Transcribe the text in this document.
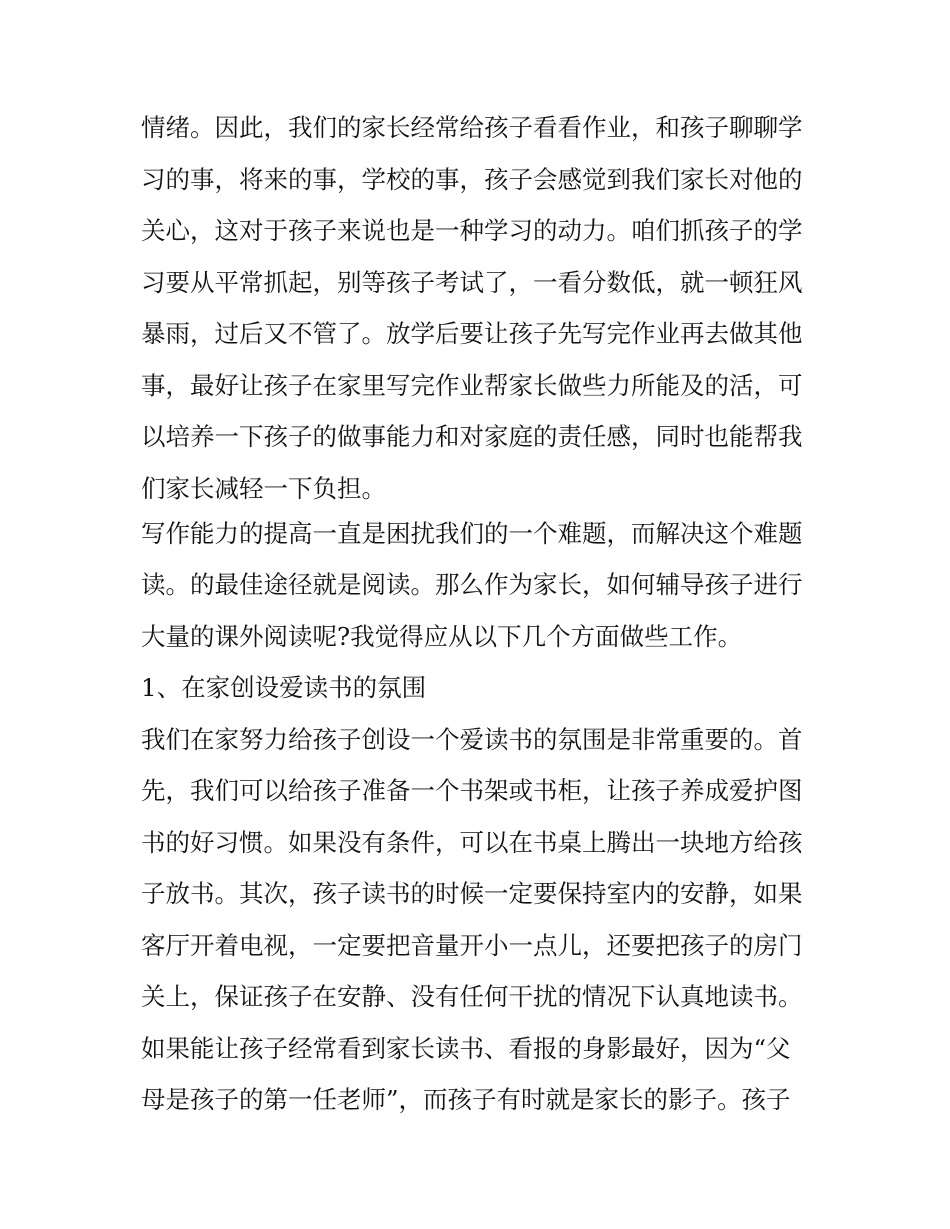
情绪。因此，我们的家长经常给孩子看看作业，和孩子聊聊学
习的事，将来的事，学校的事，孩子会感觉到我们家长对他的
关心，这对于孩子来说也是一种学习的动力。咱们抓孩子的学
习要从平常抓起，别等孩子考试了，一看分数低，就一顿狂风
暴雨，过后又不管了。放学后要让孩子先写完作业再去做其他
事，最好让孩子在家里写完作业帮家长做些力所能及的活，可
以培养一下孩子的做事能力和对家庭的责任感，同时也能帮我
们家长减轻一下负担。
写作能力的提高一直是困扰我们的一个难题，而解决这个难题
读。的最佳途径就是阅读。那么作为家长，如何辅导孩子进行
大量的课外阅读呢?我觉得应从以下几个方面做些工作。
1、在家创设爱读书的氛围
我们在家努力给孩子创设一个爱读书的氛围是非常重要的。首
先，我们可以给孩子准备一个书架或书柜，让孩子养成爱护图
书的好习惯。如果没有条件，可以在书桌上腾出一块地方给孩
子放书。其次，孩子读书的时候一定要保持室内的安静，如果
客厅开着电视，一定要把音量开小一点儿，还要把孩子的房门
关上，保证孩子在安静、没有任何干扰的情况下认真地读书。
如果能让孩子经常看到家长读书、看报的身影最好，因为“父
母是孩子的第一任老师”，而孩子有时就是家长的影子。孩子
